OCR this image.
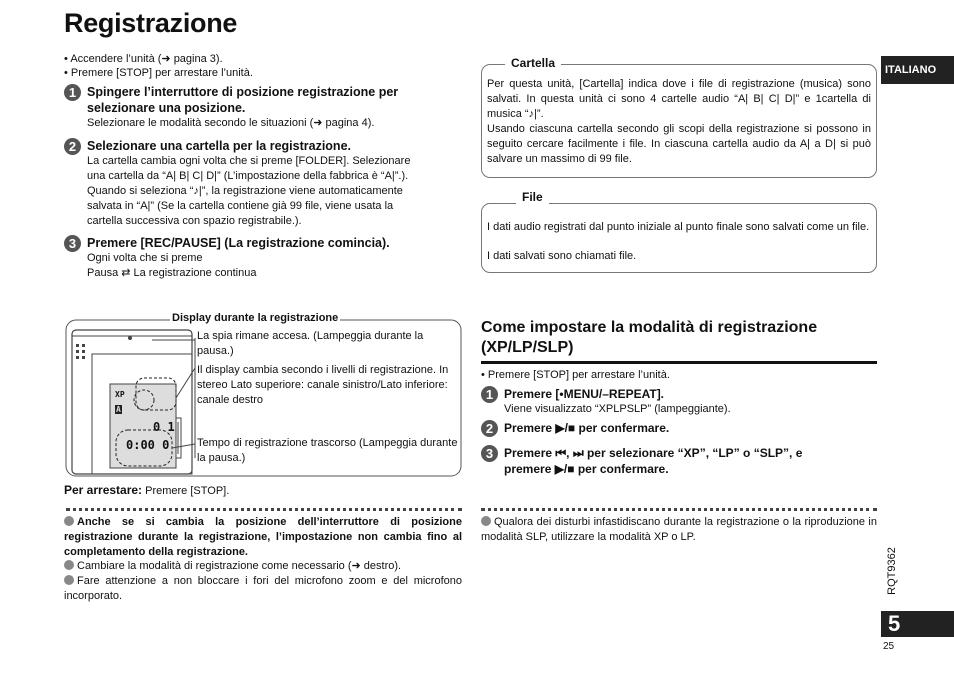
Registrazione
• Accendere l’unità (➜ pagina 3).
• Premere [STOP] per arrestare l’unità.
1 Spingere l’interruttore di posizione registrazione per selezionare una posizione.
Selezionare le modalità secondo le situazioni (➜ pagina 4).
2 Selezionare una cartella per la registrazione.
La cartella cambia ogni volta che si preme [FOLDER]. Selezionare
una cartella da “A| B| C| D|” (L’impostazione della fabbrica è “A|”.).
Quando si seleziona “♪|”, la registrazione viene automaticamente
salvata in “A|” (Se la cartella contiene già 99 file, viene usata la
cartella successiva con spazio registrabile.).
3 Premere [REC/PAUSE] (La registrazione comincia).
Ogni volta che si preme
Pausa ⇄ La registrazione continua
Per questa unità, [Cartella] indica dove i file di registrazione (musica) sono salvati. In questa unità ci sono 4 cartelle audio “A| B| C| D|” e 1cartella di musica “♪|”.
Usando ciascuna cartella secondo gli scopi della registrazione si possono in seguito cercare facilmente i file. In ciascuna cartella audio da A| a D| si può salvare un massimo di 99 file.
Cartella
I dati audio registrati dal punto iniziale al punto finale sono salvati come un file.
I dati salvati sono chiamati file.
File
ITALIANO
RQT9362
5
25
Display durante la registrazione
XP
A
0 1
0:00 0
La spia rimane accesa. (Lampeggia durante la pausa.)
Il display cambia secondo i livelli di registrazione. In stereo Lato superiore: canale sinistro/Lato inferiore: canale destro
Tempo di registrazione trascorso (Lampeggia durante la pausa.)
Per arrestare: Premere [STOP].
Anche se si cambia la posizione dell’interruttore di posizione registrazione durante la registrazione, l’impostazione non cambia fino al completamento della registrazione.
Cambiare la modalità di registrazione come necessario (➜ destro).
Fare attenzione a non bloccare i fori del microfono zoom e del microfono incorporato.
Come impostare la modalità di registrazione (XP/LP/SLP)
• Premere [STOP] per arrestare l’unità.
1 Premere [•MENU/–REPEAT].
Viene visualizzato “XPLPSLP” (lampeggiante).
2 Premere ▶/■ per confermare.
3 Premere ⏮, ⏭ per selezionare “XP”, “LP” o “SLP”, e
premere ▶/■ per confermare.
Qualora dei disturbi infastidiscano durante la registrazione o la riproduzione in modalità SLP, utilizzare la modalità XP o LP.
